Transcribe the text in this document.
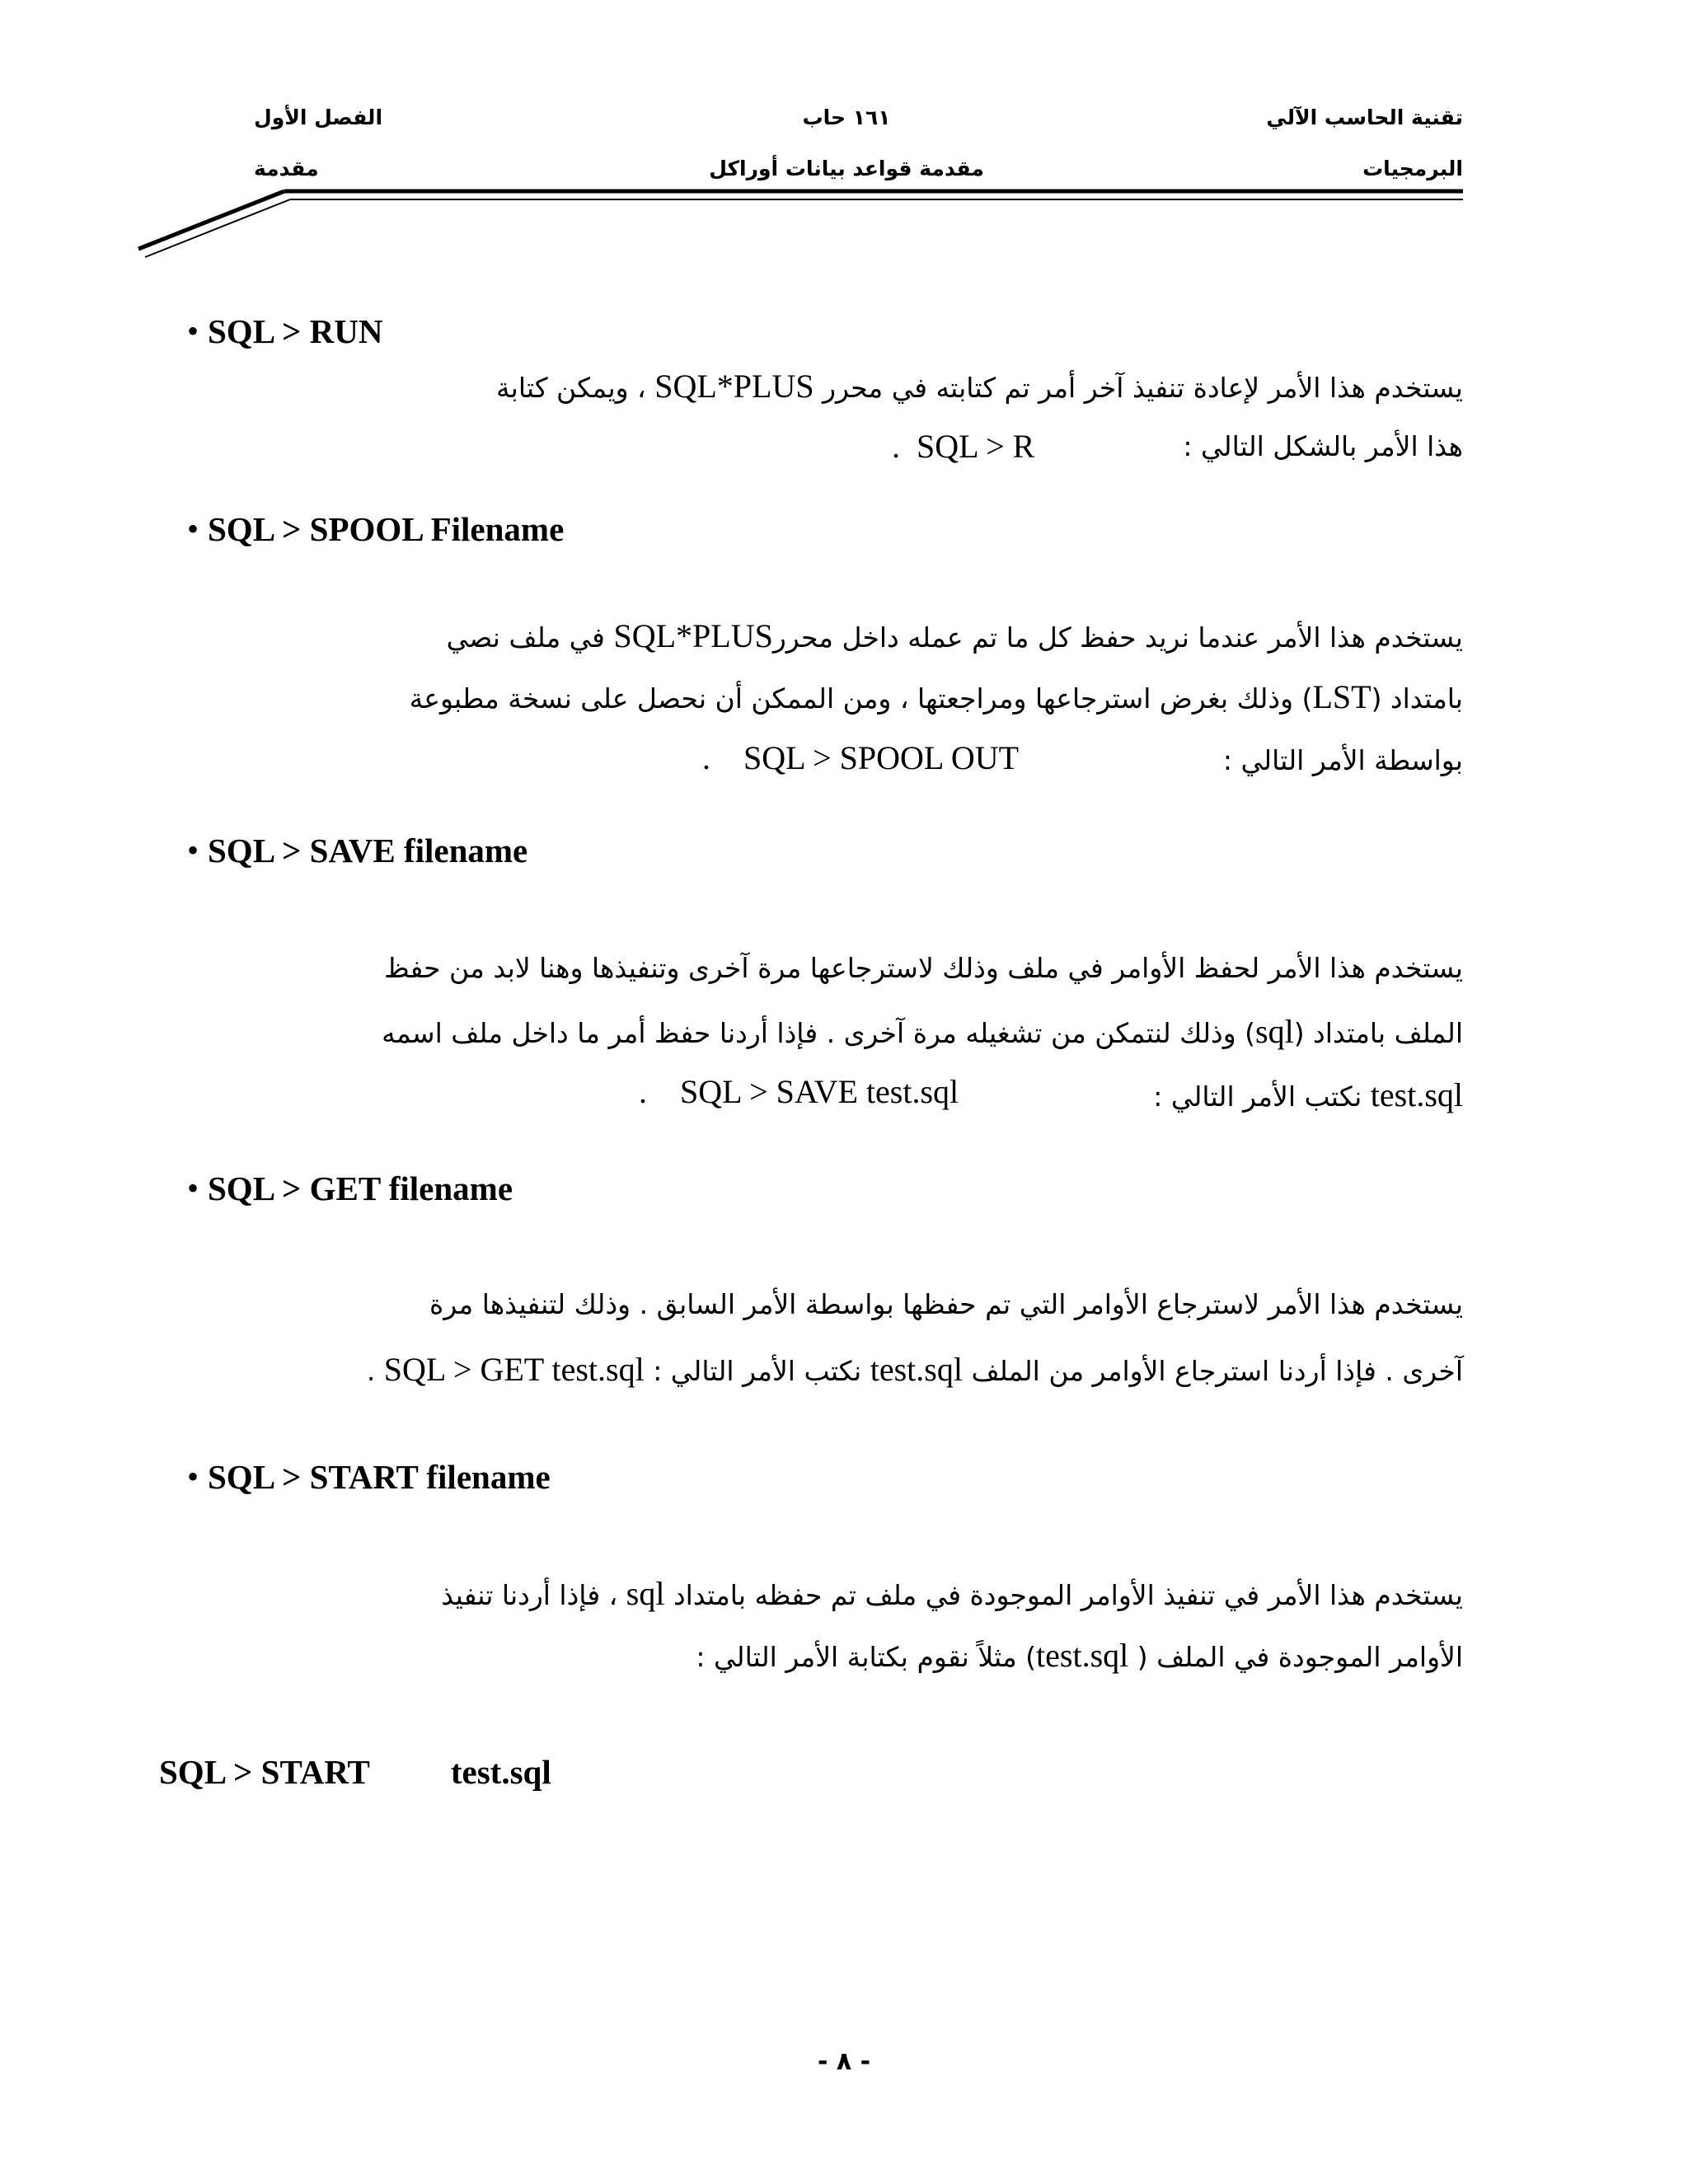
تقنية الحاسب الآلي
البرمجيات
١٦١ حاب
مقدمة قواعد بيانات أوراكل
الفصل الأول
مقدمة
• SQL > RUN
يستخدم هذا الأمر لإعادة تنفيذ آخر أمر تم كتابته في محرر SQL*PLUS ، ويمكن كتابة
هذا الأمر بالشكل التالي :
. SQL > R
• SQL > SPOOL Filename
يستخدم هذا الأمر عندما نريد حفظ كل ما تم عمله داخل محررSQL*PLUS في ملف نصي
بامتداد (LST) وذلك بغرض استرجاعها ومراجعتها ، ومن الممكن أن نحصل على نسخة مطبوعة
بواسطة الأمر التالي :
. SQL > SPOOL OUT
• SQL > SAVE filename
يستخدم هذا الأمر لحفظ الأوامر في ملف وذلك لاسترجاعها مرة آخرى وتنفيذها وهنا لابد من حفظ
الملف بامتداد (sql) وذلك لنتمكن من تشغيله مرة آخرى . فإذا أردنا حفظ أمر ما داخل ملف اسمه
test.sql نكتب الأمر التالي :
. SQL > SAVE test.sql
• SQL > GET filename
يستخدم هذا الأمر لاسترجاع الأوامر التي تم حفظها بواسطة الأمر السابق . وذلك لتنفيذها مرة
آخرى . فإذا أردنا استرجاع الأوامر من الملف test.sql نكتب الأمر التالي : SQL > GET test.sql .
• SQL > START filename
يستخدم هذا الأمر في تنفيذ الأوامر الموجودة في ملف تم حفظه بامتداد sql ، فإذا أردنا تنفيذ
الأوامر الموجودة في الملف ( test.sql) مثلاً نقوم بكتابة الأمر التالي :
SQL > START test.sql
- ٨ -
